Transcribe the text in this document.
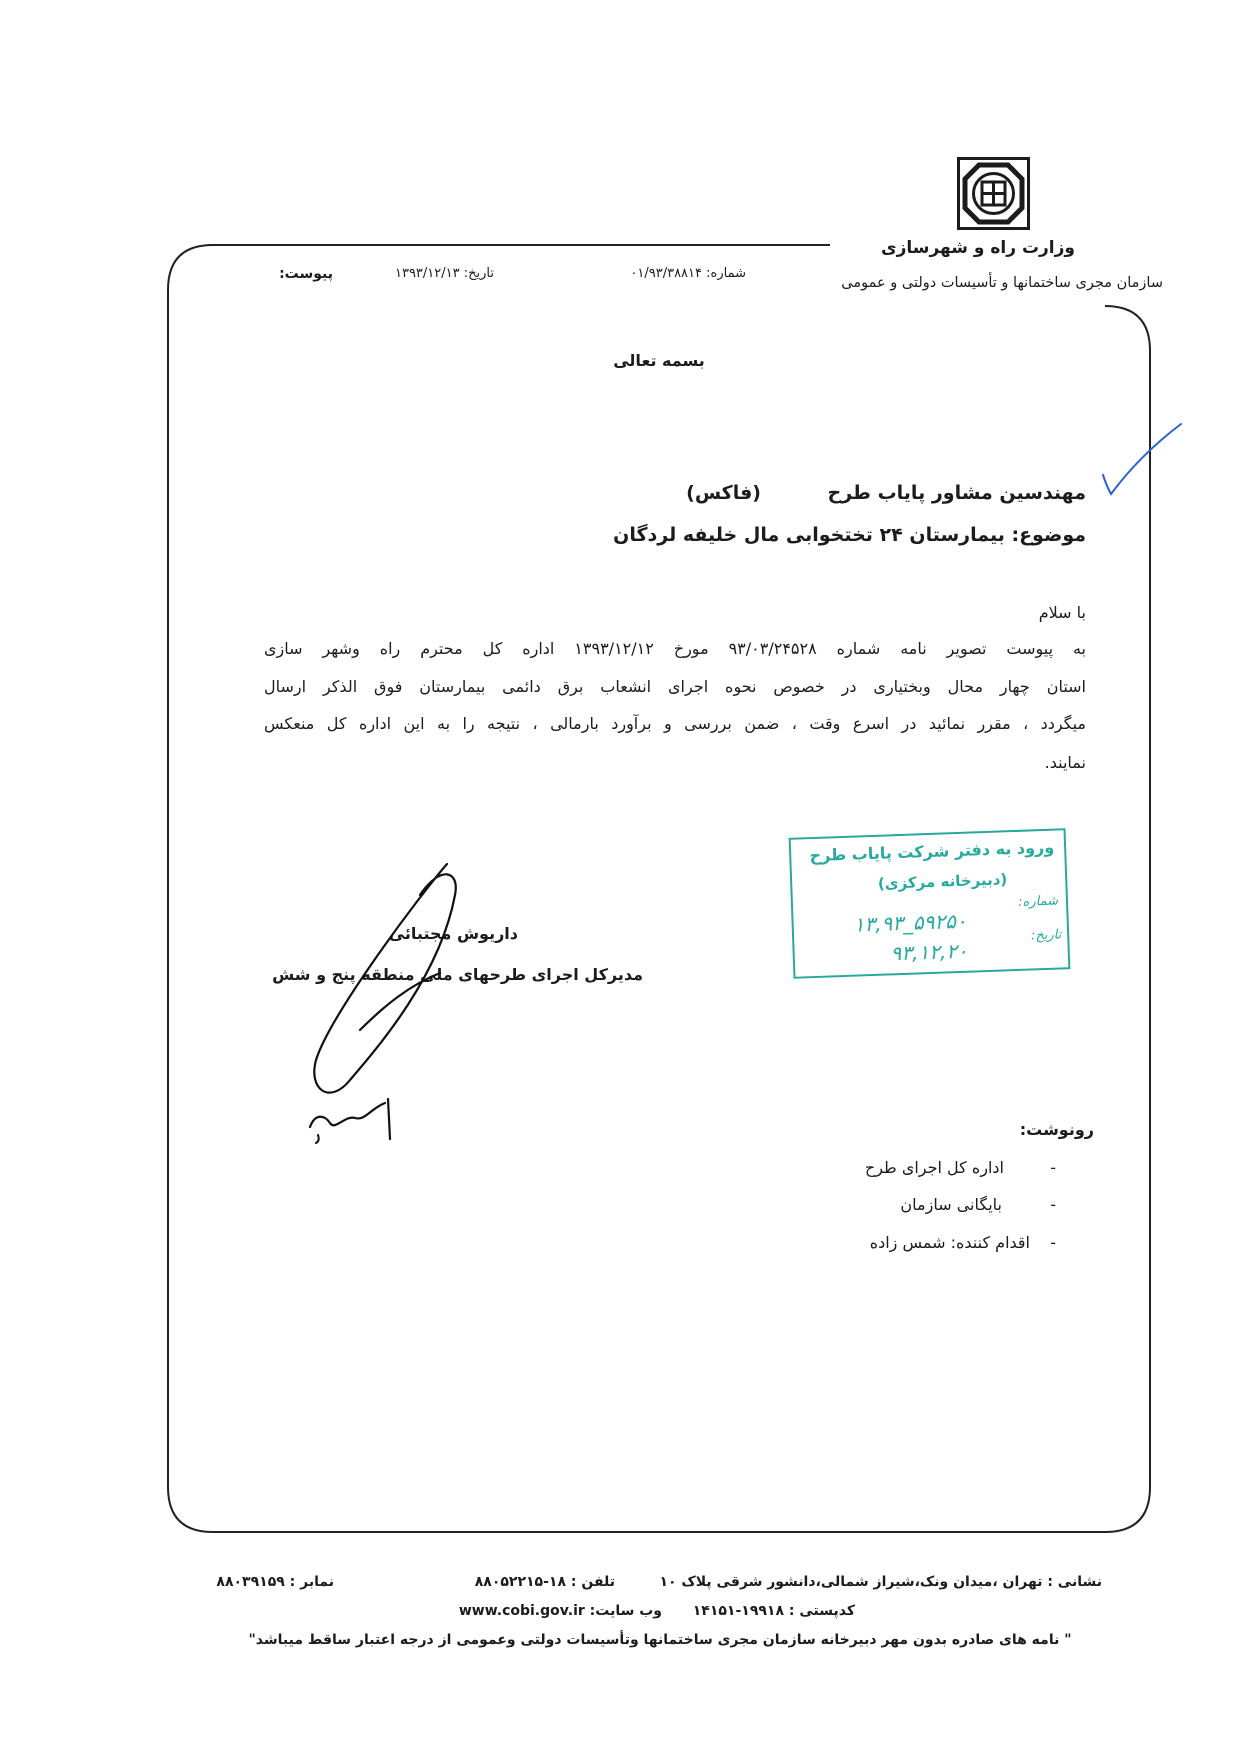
وزارت راه و شهرسازی
سازمان مجری ساختمانها و تأسیسات دولتی و عمومی
شماره: ۰۱/۹۳/۳۸۸۱۴
تاریخ: ۱۳۹۳/۱۲/۱۳
پیوست:
بسمه تعالی
مهندسین مشاور پایاب طرح
(فاکس)
موضوع: بیمارستان ۲۴ تختخوابی مال خلیفه لردگان
با سلام
به پیوست تصویر نامه شماره ۹۳/۰۳/۲۴۵۲۸ مورخ ۱۳۹۳/۱۲/۱۲ اداره کل محترم راه وشهر سازی
استان چهار محال وبختیاری در خصوص نحوه اجرای انشعاب برق دائمی بیمارستان فوق الذکر ارسال
میگردد ، مقرر نمائید در اسرع وقت ، ضمن بررسی و برآورد بارمالی ، نتیجه را به این اداره کل منعکس
نمایند.
ورود به دفتر شرکت پایاب طرح
(دبیرخانه مرکزی)
شماره:
۱۳,۹۳_۵۹۲۵۰	تاریخ:
۹۳,۱۲,۲۰
داریوش مجتبائی
مدیرکل اجرای طرحهای ملی منطقه پنج و شش
رونوشت:
-
اداره کل اجرای طرح
-
بایگانی سازمان
-
اقدام کننده: شمس زاده
نشانی : تهران ،میدان ونک،شیراز شمالی،دانشور شرقی پلاک ۱۰
تلفن : ۱۸-۸۸۰۵۲۲۱۵
نمابر : ۸۸۰۳۹۱۵۹
کدپستی : ۱۹۹۱۸-۱۴۱۵۱
وب سایت: www.cobi.gov.ir
" نامه های صادره بدون مهر دبیرخانه سازمان مجری ساختمانها وتأسیسات دولتی وعمومی از درجه اعتبار ساقط میباشد"
